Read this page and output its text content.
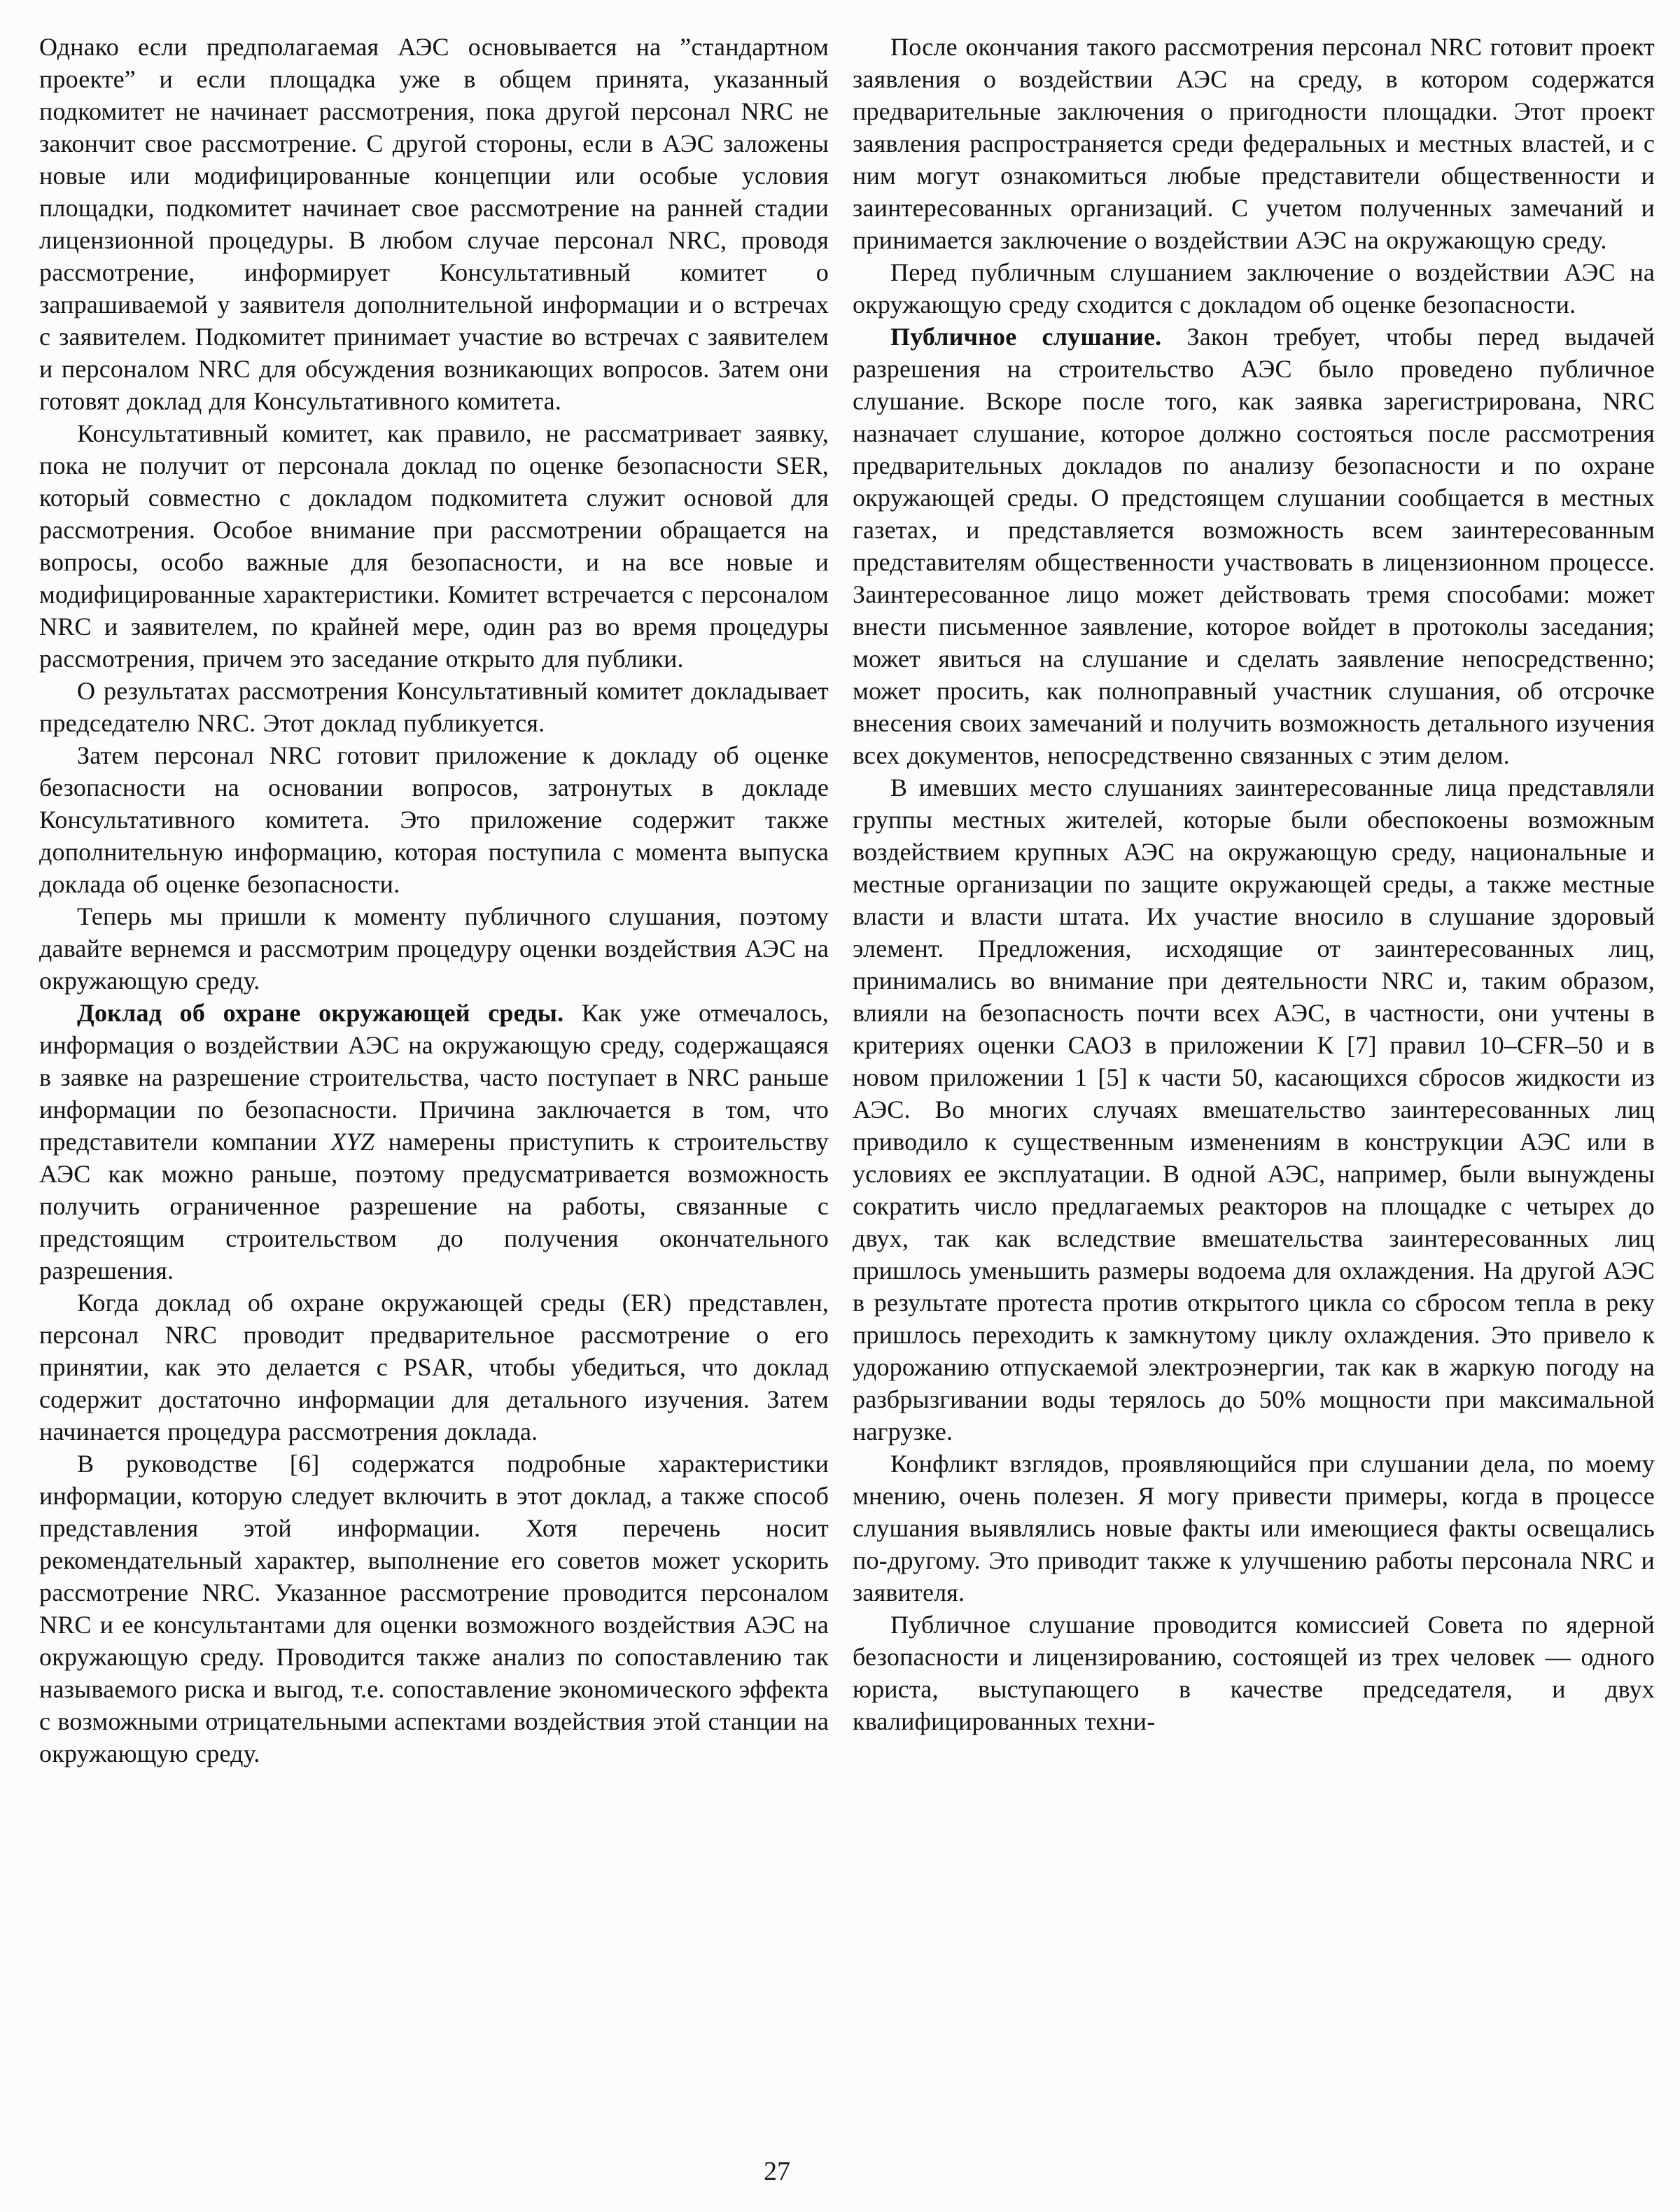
Однако если предполагаемая АЭС основывается на ”стандартном проекте” и если площадка уже в общем принята, указанный подкомитет не начинает рассмотрения, пока другой персонал NRC не закончит свое рассмотрение. С другой стороны, если в АЭС заложены новые или модифицированные концепции или особые условия площадки, подкомитет начинает свое рассмотрение на ранней стадии лицензионной процедуры. В любом случае персонал NRC, проводя рассмотрение, информирует Консультативный комитет о запрашиваемой у заявителя дополнительной информации и о встречах с заявителем. Подкомитет принимает участие во встречах с заявителем и персоналом NRC для обсуждения возникающих вопросов. Затем они готовят доклад для Консультативного комитета.

Консультативный комитет, как правило, не рассматривает заявку, пока не получит от персонала доклад по оценке безопасности SER, который совместно с докладом подкомитета служит основой для рассмотрения. Особое внимание при рассмотрении обращается на вопросы, особо важные для безопасности, и на все новые и модифицированные характеристики. Комитет встречается с персоналом NRC и заявителем, по крайней мере, один раз во время процедуры рассмотрения, причем это заседание открыто для публики.

О результатах рассмотрения Консультативный комитет докладывает председателю NRC. Этот доклад публикуется.

Затем персонал NRC готовит приложение к докладу об оценке безопасности на основании вопросов, затронутых в докладе Консультативного комитета. Это приложение содержит также дополнительную информацию, которая поступила с момента выпуска доклада об оценке безопасности.

Теперь мы пришли к моменту публичного слушания, поэтому давайте вернемся и рассмотрим процедуру оценки воздействия АЭС на окружающую среду.

Доклад об охране окружающей среды. Как уже отмечалось, информация о воздействии АЭС на окружающую среду, содержащаяся в заявке на разрешение строительства, часто поступает в NRC раньше информации по безопасности. Причина заключается в том, что представители компании XYZ намерены приступить к строительству АЭС как можно раньше, поэтому предусматривается возможность получить ограниченное разрешение на работы, связанные с предстоящим строительством до получения окончательного разрешения.

Когда доклад об охране окружающей среды (ER) представлен, персонал NRC проводит предварительное рассмотрение о его принятии, как это делается с PSAR, чтобы убедиться, что доклад содержит достаточно информации для детального изучения. Затем начинается процедура рассмотрения доклада.

В руководстве [6] содержатся подробные характеристики информации, которую следует включить в этот доклад, а также способ представления этой информации. Хотя перечень носит рекомендательный характер, выполнение его советов может ускорить рассмотрение NRC. Указанное рассмотрение проводится персоналом NRC и ее консультантами для оценки возможного воздействия АЭС на окружающую среду. Проводится также анализ по сопоставлению так называемого риска и выгод, т.е. сопоставление экономического эффекта с возможными отрицательными аспектами воздействия этой станции на окружающую среду.

После окончания такого рассмотрения персонал NRC готовит проект заявления о воздействии АЭС на среду, в котором содержатся предварительные заключения о пригодности площадки. Этот проект заявления распространяется среди федеральных и местных властей, и с ним могут ознакомиться любые представители общественности и заинтересованных организаций. С учетом полученных замечаний и принимается заключение о воздействии АЭС на окружающую среду.

Перед публичным слушанием заключение о воздействии АЭС на окружающую среду сходится с докладом об оценке безопасности.

Публичное слушание. Закон требует, чтобы перед выдачей разрешения на строительство АЭС было проведено публичное слушание. Вскоре после того, как заявка зарегистрирована, NRC назначает слушание, которое должно состояться после рассмотрения предварительных докладов по анализу безопасности и по охране окружающей среды. О предстоящем слушании сообщается в местных газетах, и представляется возможность всем заинтересованным представителям общественности участвовать в лицензионном процессе. Заинтересованное лицо может действовать тремя способами: может внести письменное заявление, которое войдет в протоколы заседания; может явиться на слушание и сделать заявление непосредственно; может просить, как полноправный участник слушания, об отсрочке внесения своих замечаний и получить возможность детального изучения всех документов, непосредственно связанных с этим делом.

В имевших место слушаниях заинтересованные лица представляли группы местных жителей, которые были обеспокоены возможным воздействием крупных АЭС на окружающую среду, национальные и местные организации по защите окружающей среды, а также местные власти и власти штата. Их участие вносило в слушание здоровый элемент. Предложения, исходящие от заинтересованных лиц, принимались во внимание при деятельности NRC и, таким образом, влияли на безопасность почти всех АЭС, в частности, они учтены в критериях оценки САОЗ в приложении К [7] правил 10–CFR–50 и в новом приложении 1 [5] к части 50, касающихся сбросов жидкости из АЭС. Во многих случаях вмешательство заинтересованных лиц приводило к существенным изменениям в конструкции АЭС или в условиях ее эксплуатации. В одной АЭС, например, были вынуждены сократить число предлагаемых реакторов на площадке с четырех до двух, так как вследствие вмешательства заинтересованных лиц пришлось уменьшить размеры водоема для охлаждения. На другой АЭС в результате протеста против открытого цикла со сбросом тепла в реку пришлось переходить к замкнутому циклу охлаждения. Это привело к удорожанию отпускаемой электроэнергии, так как в жаркую погоду на разбрызгивании воды терялось до 50% мощности при максимальной нагрузке.

Конфликт взглядов, проявляющийся при слушании дела, по моему мнению, очень полезен. Я могу привести примеры, когда в процессе слушания выявлялись новые факты или имеющиеся факты освещались по-другому. Это приводит также к улучшению работы персонала NRC и заявителя.

Публичное слушание проводится комиссией Совета по ядерной безопасности и лицензированию, состоящей из трех человек — одного юриста, выступающего в качестве председателя, и двух квалифицированных техни-

27
